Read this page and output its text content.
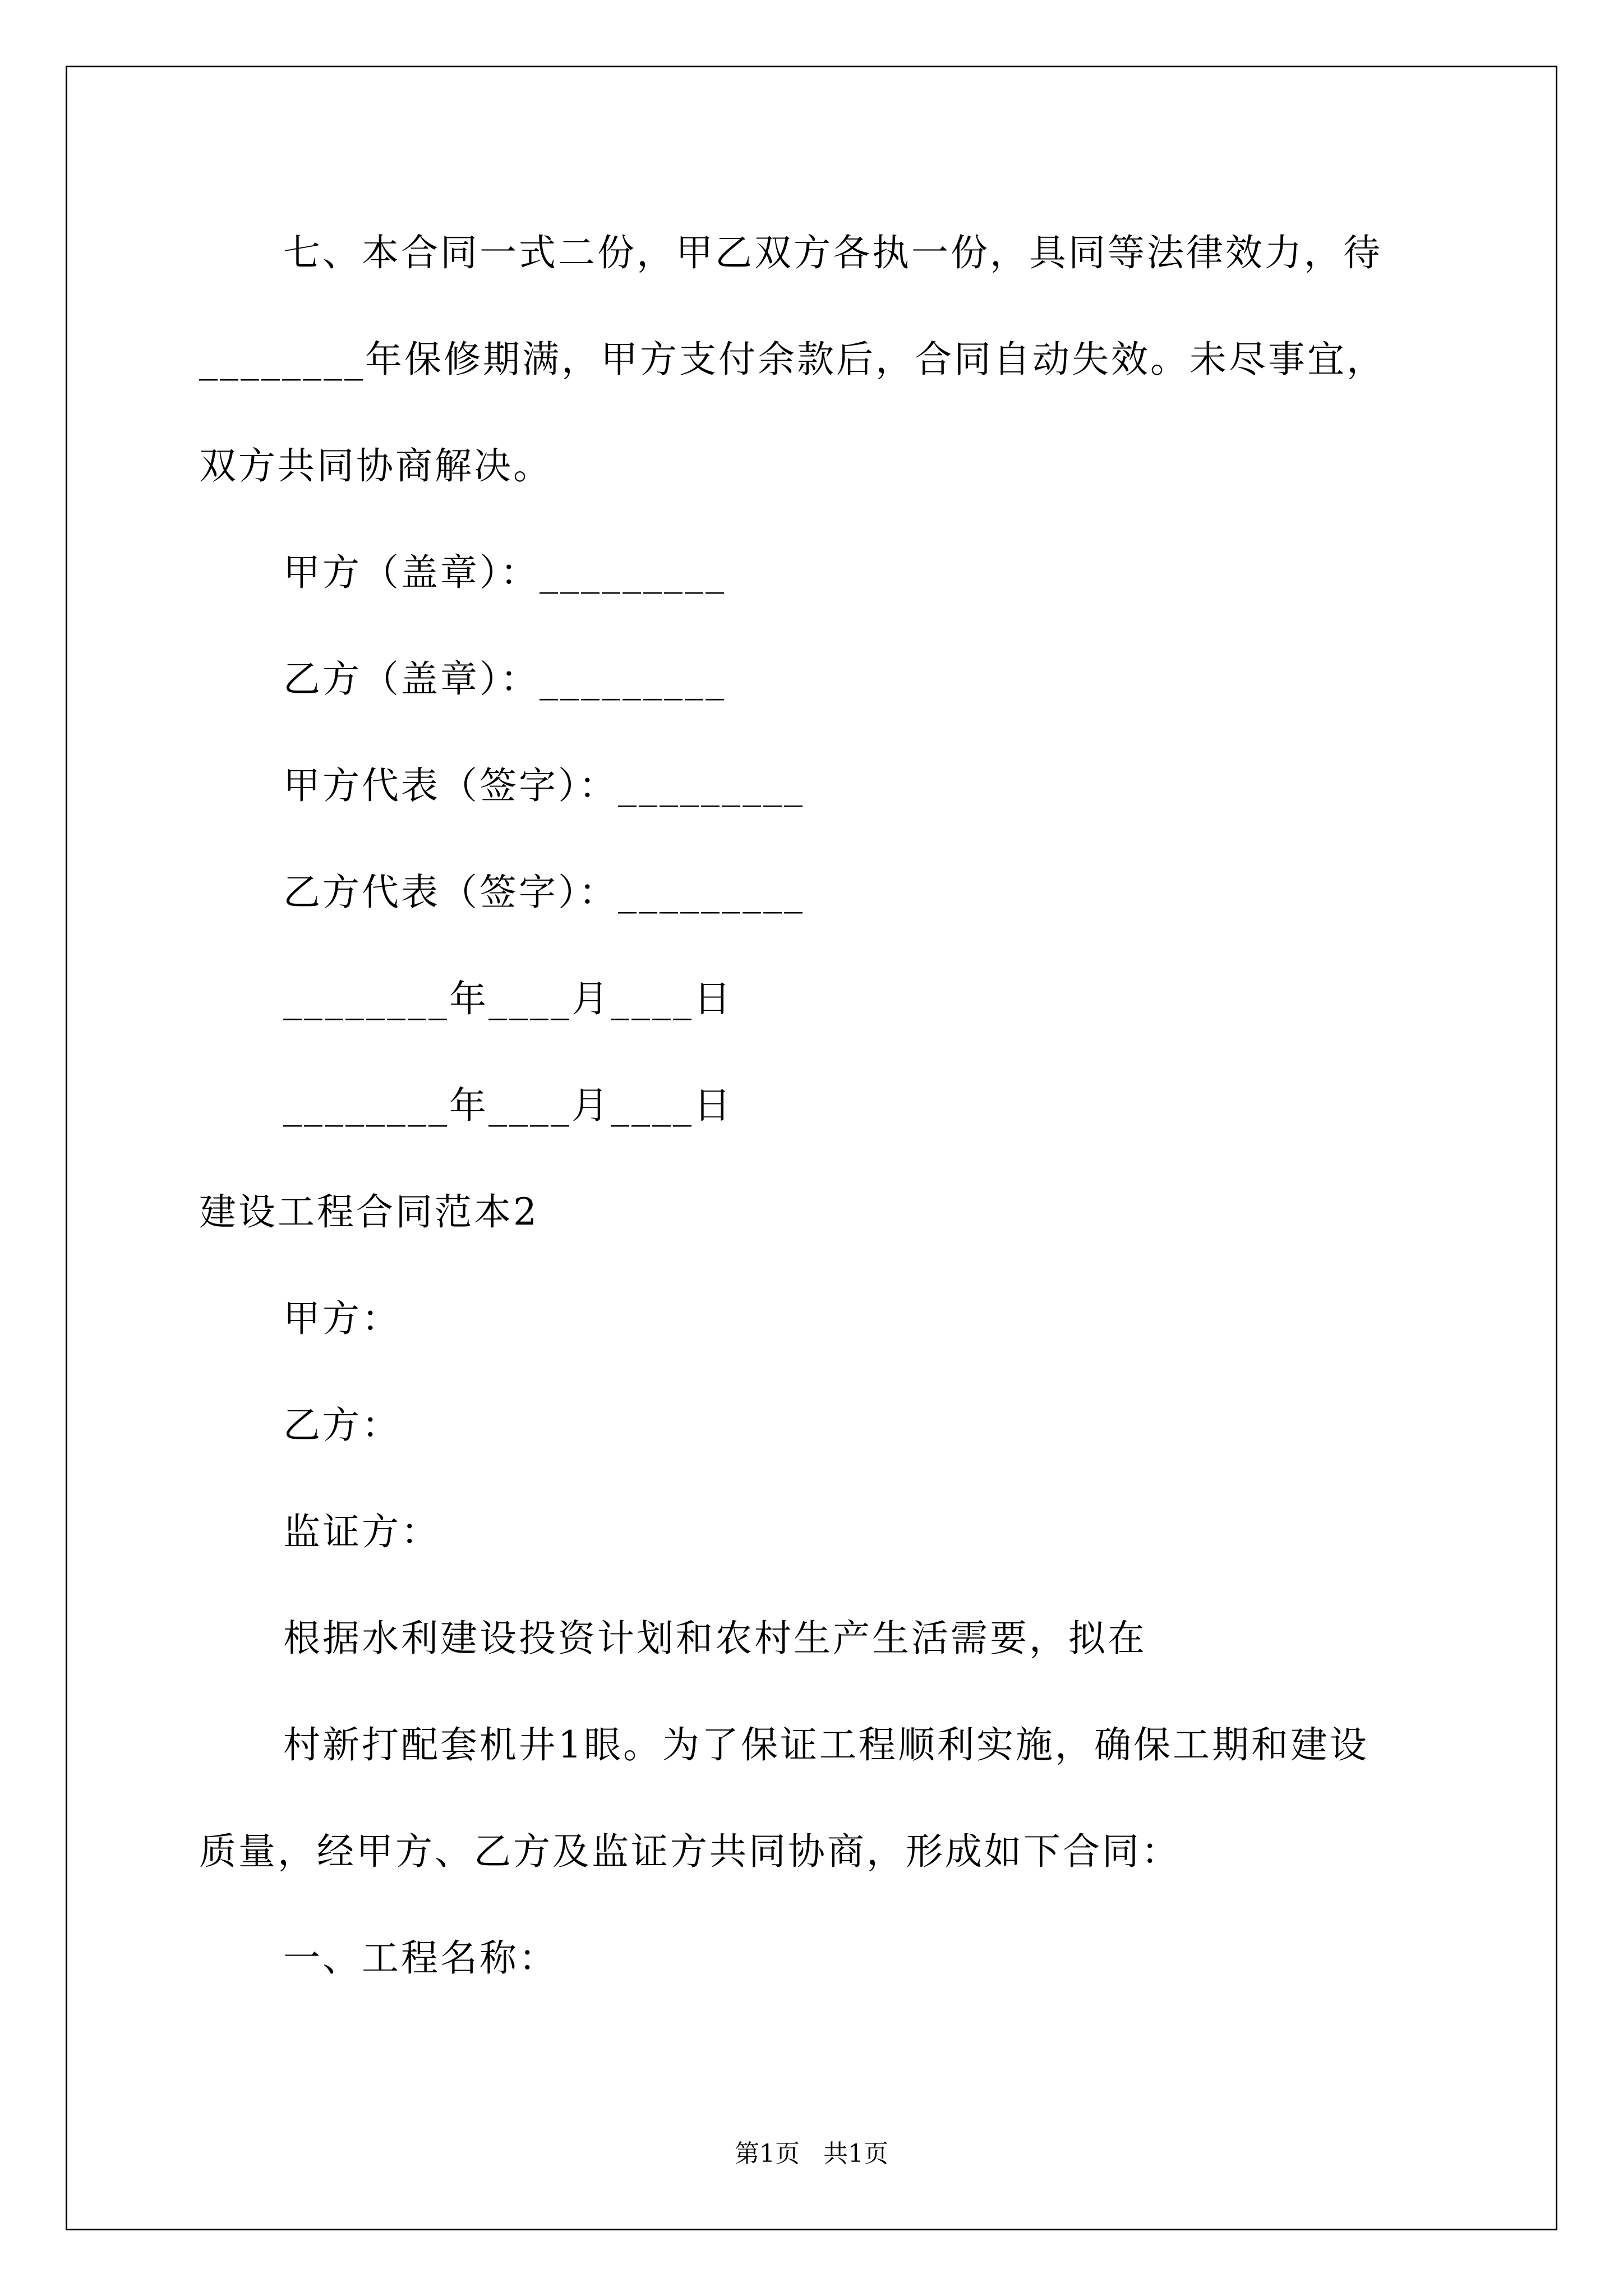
七、本合同一式二份，甲乙双方各执一份，具同等法律效力，待
________年保修期满，甲方支付余款后，合同自动失效。未尽事宜，
双方共同协商解决。
甲方（盖章）：_________
乙方（盖章）：_________
甲方代表（签字）：_________
乙方代表（签字）：_________
________年____月____日
________年____月____日
建设工程合同范本2
甲方：
乙方：
监证方：
根据水利建设投资计划和农村生产生活需要，拟在
村新打配套机井1眼。为了保证工程顺利实施，确保工期和建设
质量，经甲方、乙方及监证方共同协商，形成如下合同：
一、工程名称：
第1页   共1页
